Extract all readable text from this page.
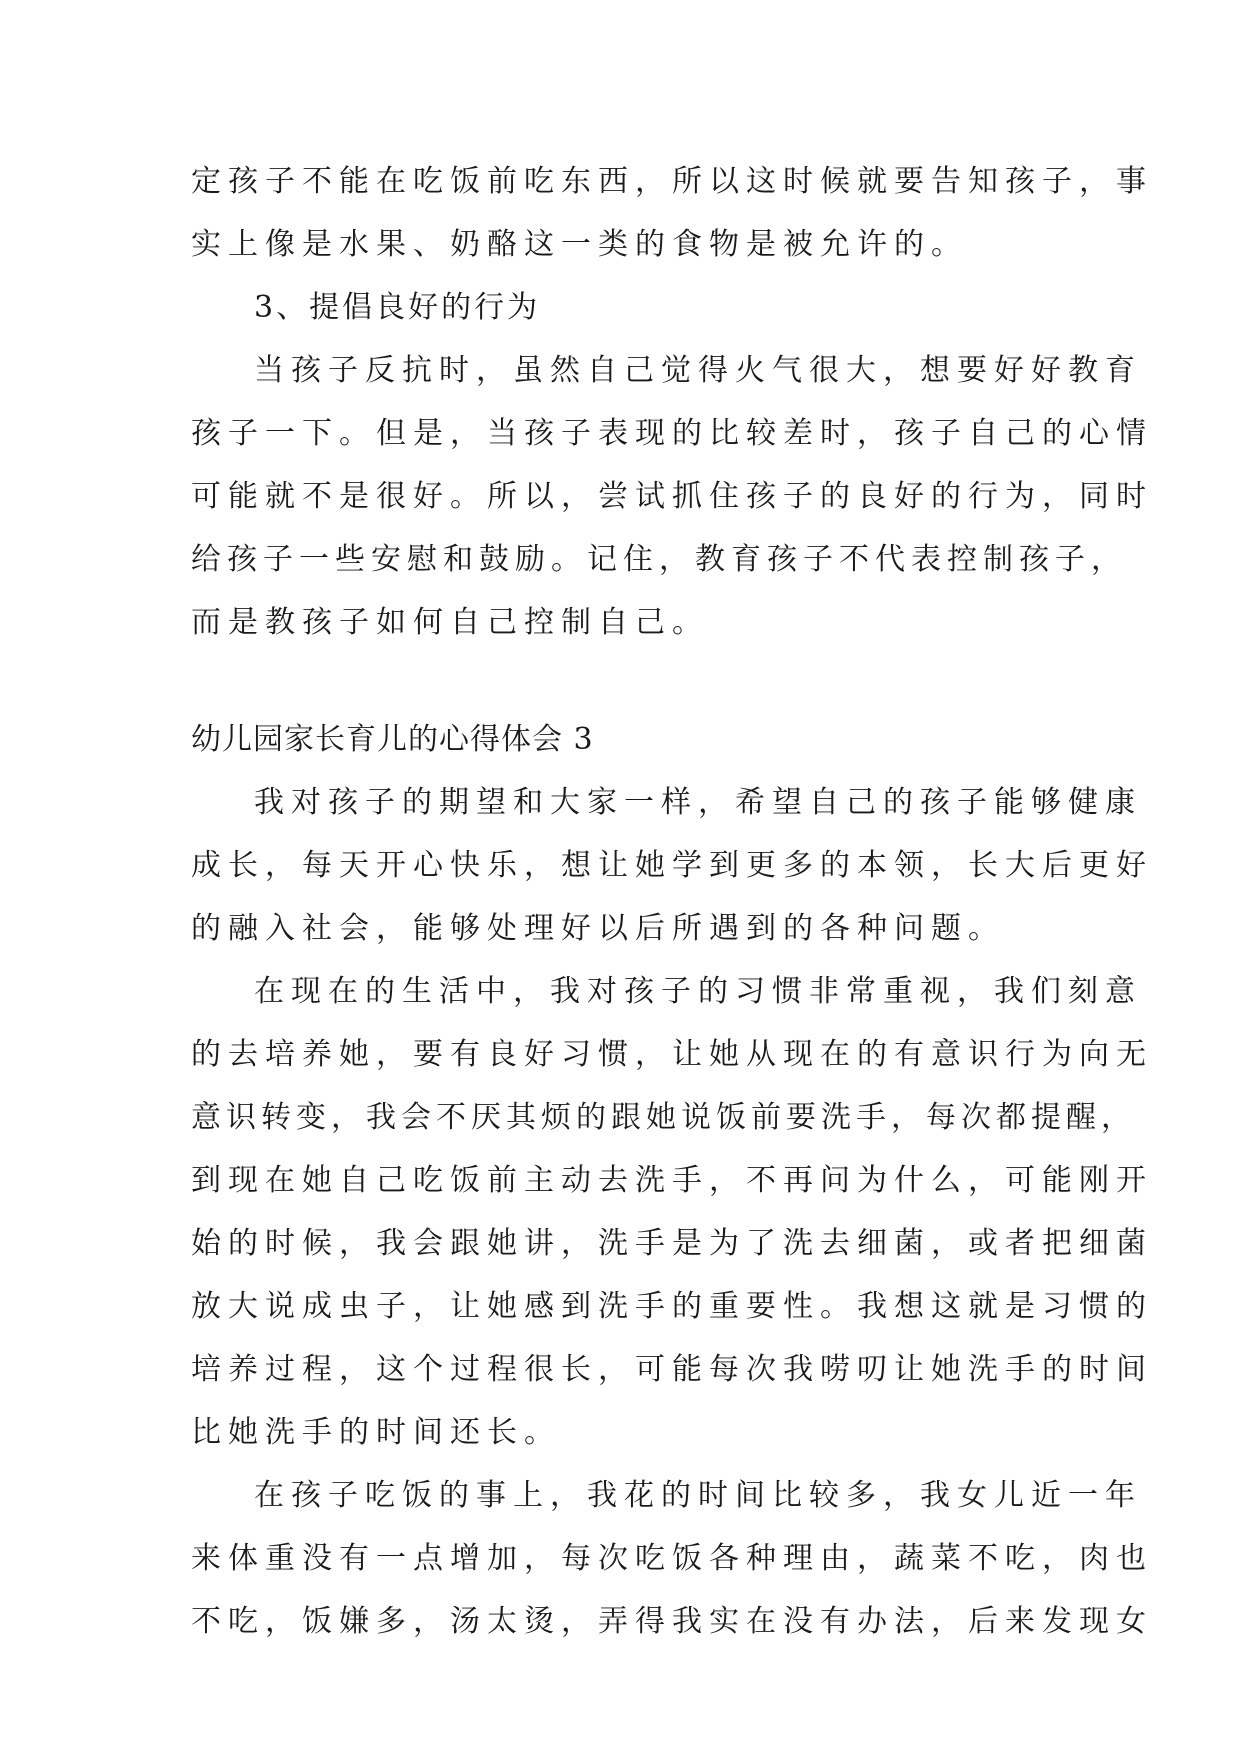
定孩子不能在吃饭前吃东西，所以这时候就要告知孩子，事
实上像是水果、奶酪这一类的食物是被允许的。
3、提倡良好的行为
当孩子反抗时，虽然自己觉得火气很大，想要好好教育
孩子一下。但是，当孩子表现的比较差时，孩子自己的心情
可能就不是很好。所以，尝试抓住孩子的良好的行为，同时
给孩子一些安慰和鼓励。记住，教育孩子不代表控制孩子，
而是教孩子如何自己控制自己。
幼儿园家长育儿的心得体会 3
我对孩子的期望和大家一样，希望自己的孩子能够健康
成长，每天开心快乐，想让她学到更多的本领，长大后更好
的融入社会，能够处理好以后所遇到的各种问题。
在现在的生活中，我对孩子的习惯非常重视，我们刻意
的去培养她，要有良好习惯，让她从现在的有意识行为向无
意识转变，我会不厌其烦的跟她说饭前要洗手，每次都提醒，
到现在她自己吃饭前主动去洗手，不再问为什么，可能刚开
始的时候，我会跟她讲，洗手是为了洗去细菌，或者把细菌
放大说成虫子，让她感到洗手的重要性。我想这就是习惯的
培养过程，这个过程很长，可能每次我唠叨让她洗手的时间
比她洗手的时间还长。
在孩子吃饭的事上，我花的时间比较多，我女儿近一年
来体重没有一点增加，每次吃饭各种理由，蔬菜不吃，肉也
不吃，饭嫌多，汤太烫，弄得我实在没有办法，后来发现女
